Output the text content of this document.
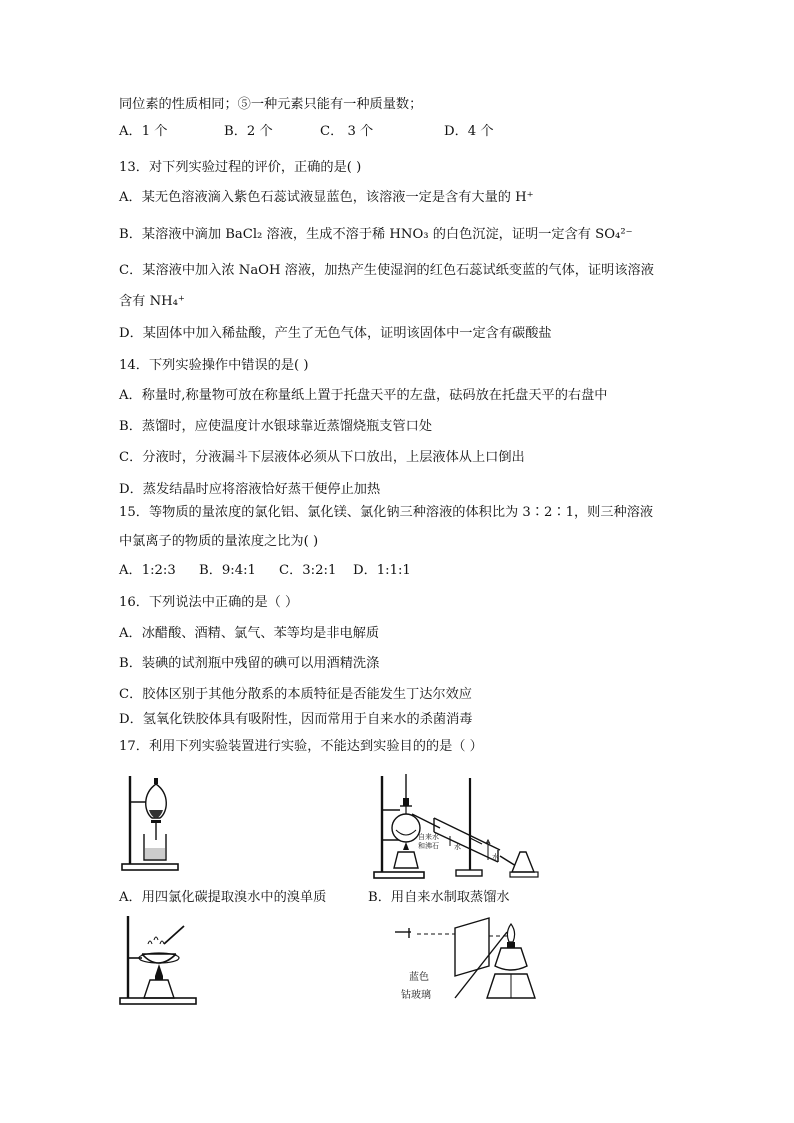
同位素的性质相同；⑤一种元素只能有一种质量数；
A．1 个	B．2 个	C． 3 个	D．4 个
13．对下列实验过程的评价，正确的是( )
A．某无色溶液滴入紫色石蕊试液显蓝色，该溶液一定是含有大量的 H⁺
B．某溶液中滴加 BaCl₂ 溶液，生成不溶于稀 HNO₃ 的白色沉淀，证明一定含有 SO₄²⁻
C．某溶液中加入浓 NaOH 溶液，加热产生使湿润的红色石蕊试纸变蓝的气体，证明该溶液
含有 NH₄⁺
D．某固体中加入稀盐酸，产生了无色气体，证明该固体中一定含有碳酸盐
14．下列实验操作中错误的是( )
A．称量时,称量物可放在称量纸上置于托盘天平的左盘，砝码放在托盘天平的右盘中
B．蒸馏时，应使温度计水银球靠近蒸馏烧瓶支管口处
C．分液时，分液漏斗下层液体必须从下口放出，上层液体从上口倒出
D．蒸发结晶时应将溶液恰好蒸干便停止加热
15．等物质的量浓度的氯化铝、氯化镁、氯化钠三种溶液的体积比为 3∶2∶1，则三种溶液
中氯离子的物质的量浓度之比为( )
A．1:2:3 B．9:4:1 C．3:2:1 D．1:1:1
16．下列说法中正确的是（ ）
A．冰醋酸、酒精、氯气、苯等均是非电解质
B．装碘的试剂瓶中残留的碘可以用酒精洗涤
C．胶体区别于其他分散系的本质特征是否能发生丁达尔效应
D．氢氧化铁胶体具有吸附性，因而常用于自来水的杀菌消毒
17．利用下列实验装置进行实验，不能达到实验目的的是（ ）
自来水
和沸石 水
水
A．用四氯化碳提取溴水中的溴单质	B．用自来水制取蒸馏水
蓝色
钴玻璃
